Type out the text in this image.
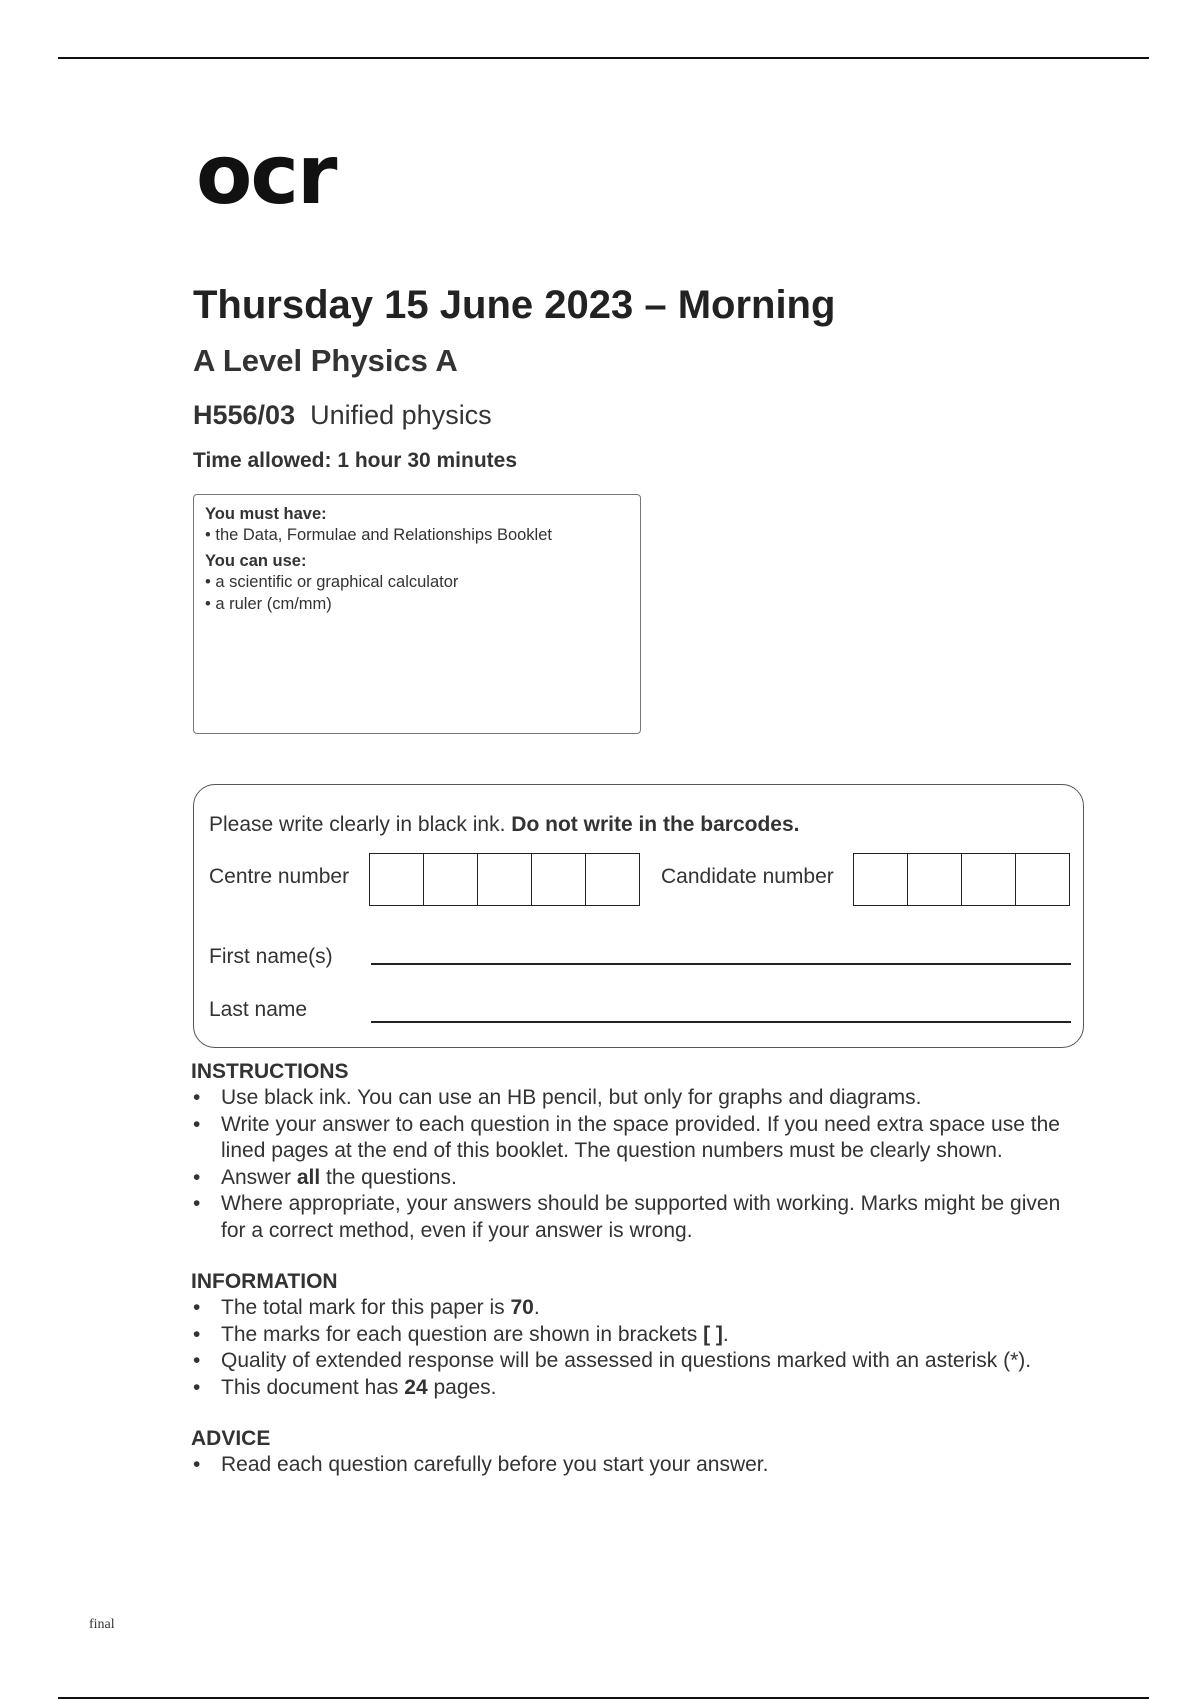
ocr
Thursday 15 June 2023 – Morning
A Level Physics A
H556/03 Unified physics
Time allowed: 1 hour 30 minutes
You must have:
• the Data, Formulae and Relationships Booklet
You can use:
• a scientific or graphical calculator
• a ruler (cm/mm)
Please write clearly in black ink. Do not write in the barcodes.
Centre number	Candidate number
First name(s)
Last name
INSTRUCTIONS
• Use black ink. You can use an HB pencil, but only for graphs and diagrams.
• Write your answer to each question in the space provided. If you need extra space use the lined pages at the end of this booklet. The question numbers must be clearly shown.
• Answer all the questions.
• Where appropriate, your answers should be supported with working. Marks might be given for a correct method, even if your answer is wrong.
INFORMATION
• The total mark for this paper is 70.
• The marks for each question are shown in brackets [ ].
• Quality of extended response will be assessed in questions marked with an asterisk (*).
• This document has 24 pages.
ADVICE
• Read each question carefully before you start your answer.
final
